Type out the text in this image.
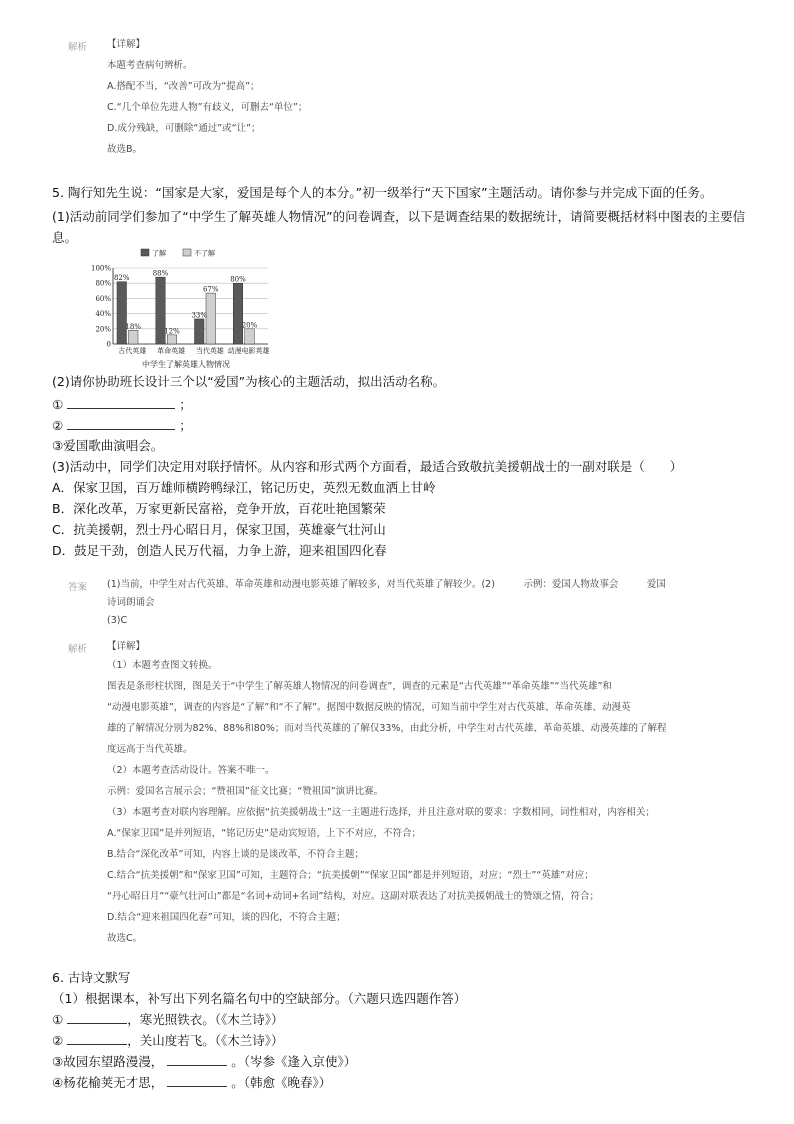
解析 【详解】
本题考查病句辨析。
A.搭配不当，“改善”可改为“提高”；
C.“几个单位先进人物”有歧义，可删去“单位”；
D.成分残缺，可删除“通过”或“让”；
故选B。
5. 陶行知先生说：“国家是大家，爱国是每个人的本分。”初一级举行“天下国家”主题活动。请你参与并完成下面的任务。
(1)活动前同学们参加了“中学生了解英雄人物情况”的问卷调查，以下是调查结果的数据统计，请简要概括材料中图表的主要信
息。
0
20%
40%
60%
80%
100%
82%
18%
古代英雄
88%
12%
革命英雄
33%
67%
当代英雄
80%
20%
动漫电影英雄
了解	不了解
中学生了解英雄人物情况
(2)请你协助班长设计三个以“爱国”为核心的主题活动，拟出活动名称。
①	；
②	；
③爱国歌曲演唱会。
(3)活动中，同学们决定用对联抒情怀。从内容和形式两个方面看，最适合致敬抗美援朝战士的一副对联是（　　）
A．保家卫国，百万雄师横跨鸭绿江，铭记历史，英烈无数血洒上甘岭
B．深化改革，万家更新民富裕，竞争开放，百花吐艳国繁荣
C．抗美援朝，烈士丹心昭日月，保家卫国，英雄豪气壮河山
D．鼓足干劲，创造人民万代福，力争上游，迎来祖国四化春
答案 (1)当前，中学生对古代英雄、革命英雄和动漫电影英雄了解较多，对当代英雄了解较少。(2)　　　示例：爱国人物故事会　　　爱国
诗词朗诵会
(3)C
解析 【详解】
（1）本题考查图文转换。
图表是条形柱状图，图是关于“中学生了解英雄人物情况的问卷调查”，调查的元素是“古代英雄”“革命英雄”“当代英雄”和
“动漫电影英雄”，调查的内容是“了解”和“不了解”。据图中数据反映的情况，可知当前中学生对古代英雄、革命英雄、动漫英
雄的了解情况分别为82%、88%和80%；而对当代英雄的了解仅33%，由此分析，中学生对古代英雄、革命英雄、动漫英雄的了解程
度远高于当代英雄。
（2）本题考查活动设计。答案不唯一。
示例：爱国名言展示会；“赞祖国”征文比赛；“赞祖国”演讲比赛。
（3）本题考查对联内容理解。应依据“抗美援朝战士”这一主题进行选择，并且注意对联的要求：字数相同，词性相对，内容相关；
A.“保家卫国”是并列短语，“铭记历史”是动宾短语，上下不对应，不符合；
B.结合“深化改革”可知，内容上谈的是谈改革，不符合主题；
C.结合“抗美援朝”和“保家卫国”可知，主题符合；“抗美援朝”“保家卫国”都是并列短语，对应；“烈士”“英雄”对应；
“丹心昭日月”“豪气壮河山”都是“名词+动词+名词”结构，对应。这副对联表达了对抗美援朝战士的赞颂之情，符合；
D.结合“迎来祖国四化春”可知，谈的四化，不符合主题；
故选C。
6. 古诗文默写
（1）根据课本，补写出下列名篇名句中的空缺部分。（六题只选四题作答）
①	，寒光照铁衣。（《木兰诗》）
②	，关山度若飞。（《木兰诗》）
③故园东望路漫漫，	。（岑参《逢入京使》）
④杨花榆荚无才思，	。（韩愈《晚春》）
